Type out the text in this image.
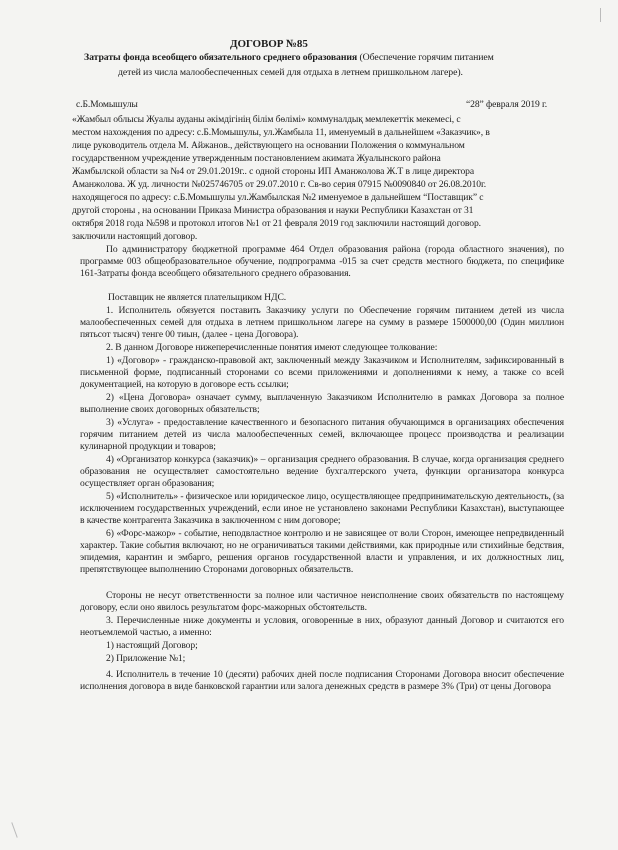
ДОГОВОР №85
Затраты фонда всеобщего обязательного среднего образования (Обеспечение горячим питанием
детей из числа малообеспеченных семей для отдыха в летнем пришкольном лагере).
с.Б.Момышулы	“28” февраля 2019 г.
«Жамбыл облысы Жуалы ауданы әкімдігінің білім бөлімі» коммуналдық мемлекеттік мекемесі, с
местом нахождения по адресу: с.Б.Момышулы, ул.Жамбыла 11, именуемый в дальнейшем «Заказчик», в
лице руководитель отдела М. Айжанов., действующего на основании Положения о коммунальном
государственном учреждение утвержденным постановлением акимата Жуалынского района
Жамбылской области за №4 от 29.01.2019г.. с одной стороны ИП Аманжолова Ж.Т в лице директора
Аманжолова. Ж уд. личности №025746705 от 29.07.2010 г. Св-во серия 07915 №0090840 от 26.08.2010г.
находящегося по адресу: с.Б.Момышулы ул.Жамбылская №2 именуемое в дальнейшем “Поставщик” с
другой стороны , на основании Приказа Министра образования и науки Республики Казахстан от 31
октября 2018 года №598 и протокол итогов №1 от 21 февраля 2019 год заключили настоящий договор.
заключили настоящий договор.
По администратору бюджетной программе 464 Отдел образования района (города областного значения), по программе 003 общеобразовательное обучение, подпрограмма -015 за счет средств местного бюджета, по специфике 161-Затраты фонда всеобщего обязательного среднего образования.
Поставщик не является плательщиком НДС.
1. Исполнитель обязуется поставить Заказчику услуги по Обеспечение горячим питанием детей из числа малообеспеченных семей для отдыха в летнем пришкольном лагере на сумму в размере 1500000,00 (Один миллион пятьсот тысяч) тенге 00 тиын, (далее - цена Договора).
2. В данном Договоре нижеперечисленные понятия имеют следующее толкование:
1) «Договор» - гражданско-правовой акт, заключенный между Заказчиком и Исполнителям, зафиксированный в письменной форме, подписанный сторонами со всеми приложениями и дополнениями к нему, а также со всей документацией, на которую в договоре есть ссылки;
2) «Цена Договора» означает сумму, выплаченную Заказчиком Исполнителю в рамках Договора за полное выполнение своих договорных обязательств;
3) «Услуга» - предоставление качественного и безопасного питания обучающимся в организациях обеспечения горячим питанием детей из числа малообеспеченных семей, включающее процесс производства и реализации кулинарной продукции и товаров;
4) «Организатор конкурса (заказчик)» – организация среднего образования. В случае, когда организация среднего образования не осуществляет самостоятельно ведение бухгалтерского учета, функции организатора конкурса осуществляет орган образования;
5) «Исполнитель» - физическое или юридическое лицо, осуществляющее предпринимательскую деятельность, (за исключением государственных учреждений, если иное не установлено законами Республики Казахстан), выступающее в качестве контрагента Заказчика в заключенном с ним договоре;
6) «Форс-мажор» - событие, неподвластное контролю и не зависящее от воли Сторон, имеющее непредвиденный характер. Такие события включают, но не ограничиваться такими действиями, как природные или стихийные бедствия, эпидемия, карантин и эмбарго, решения органов государственной власти и управления, и их должностных лиц, препятствующее выполнению Сторонами договорных обязательств.
Стороны не несут ответственности за полное или частичное неисполнение своих обязательств по настоящему договору, если оно явилось результатом форс-мажорных обстоятельств.
3. Перечисленные ниже документы и условия, оговоренные в них, образуют данный Договор и считаются его неотъемлемой частью, а именно:
1) настоящий Договор;
2) Приложение №1;
4. Исполнитель в течение 10 (десяти) рабочих дней после подписания Сторонами Договора вносит обеспечение исполнения договора в виде банковской гарантии или залога денежных средств в размере 3% (Три) от цены Договора
